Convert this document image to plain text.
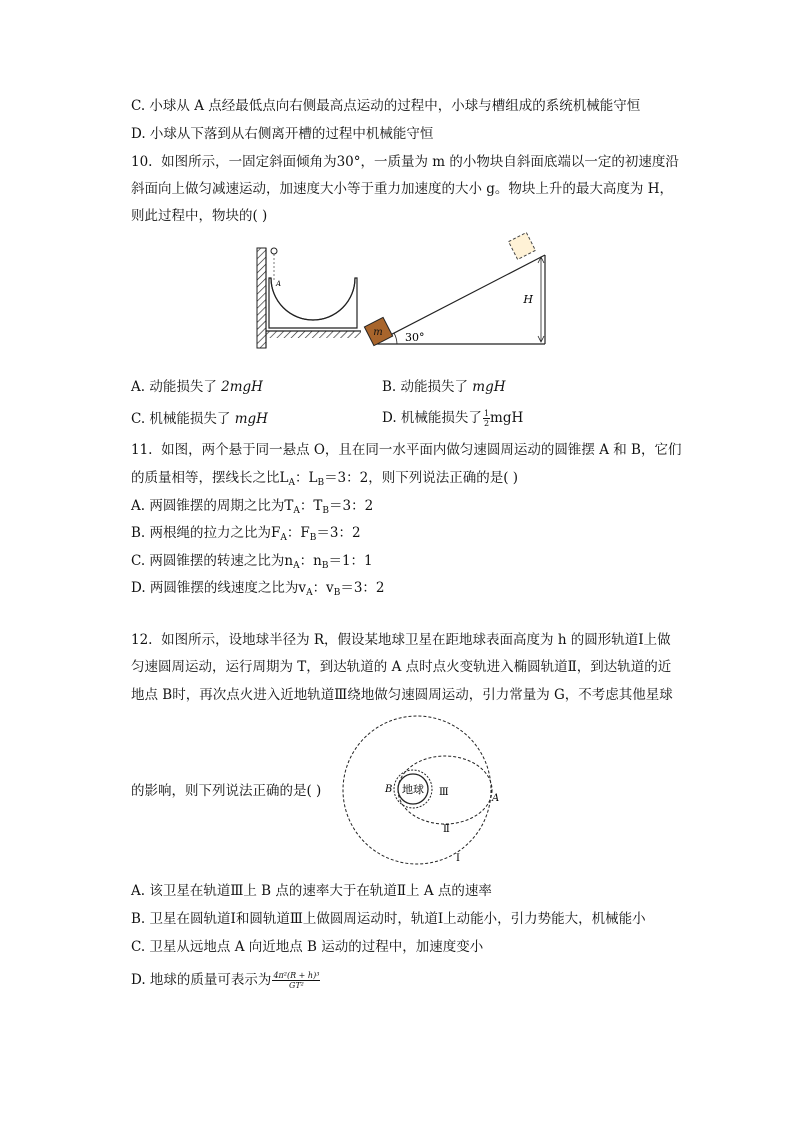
C. 小球从 A 点经最低点向右侧最高点运动的过程中，小球与槽组成的系统机械能守恒
D. 小球从下落到从右侧离开槽的过程中机械能守恒
10. 如图所示，一固定斜面倾角为30°，一质量为 m 的小物块自斜面底端以一定的初速度沿
斜面向上做匀减速运动，加速度大小等于重力加速度的大小 g。物块上升的最大高度为 H，
则此过程中，物块的( )
A
H
m 30°
A. 动能损失了 2mgH	B. 动能损失了 mgH
C. 机械能损失了 mgH	D. 机械能损失了 $\frac{1}{2}$ mgH
11. 如图，两个悬于同一悬点 O，且在同一水平面内做匀速圆周运动的圆锥摆 A 和 B，它们
的质量相等，摆线长之比$L_A$：$L_B=3$：2，则下列说法正确的是( )
A. 两圆锥摆的周期之比为$T_A$：$T_B=3$：2
B. 两根绳的拉力之比为$F_A$：$F_B=3$：2
C. 两圆锥摆的转速之比为$n_A$：$n_B=1$：1
D. 两圆锥摆的线速度之比为$v_A$：$v_B=3$：2
12. 如图所示，设地球半径为 R，假设某地球卫星在距地球表面高度为 h 的圆形轨道Ⅰ上做
匀速圆周运动，运行周期为 T，到达轨道的 A 点时点火变轨进入椭圆轨道Ⅱ，到达轨道的近
地点 B时，再次点火进入近地轨道Ⅲ绕地做匀速圆周运动，引力常量为 G，不考虑其他星球
的影响，则下列说法正确的是( )	地球
B
A
Ⅲ
Ⅱ
Ⅰ
A. 该卫星在轨道Ⅲ上 B 点的速率大于在轨道Ⅱ上 A 点的速率
B. 卫星在圆轨道Ⅰ和圆轨道Ⅲ上做圆周运动时，轨道Ⅰ上动能小，引力势能大，机械能小
C. 卫星从远地点 A 向近地点 B 运动的过程中，加速度变小
D. 地球的质量可表示为 $\frac{\text{4π²(R + h)³}}{\text{GT²}}$
